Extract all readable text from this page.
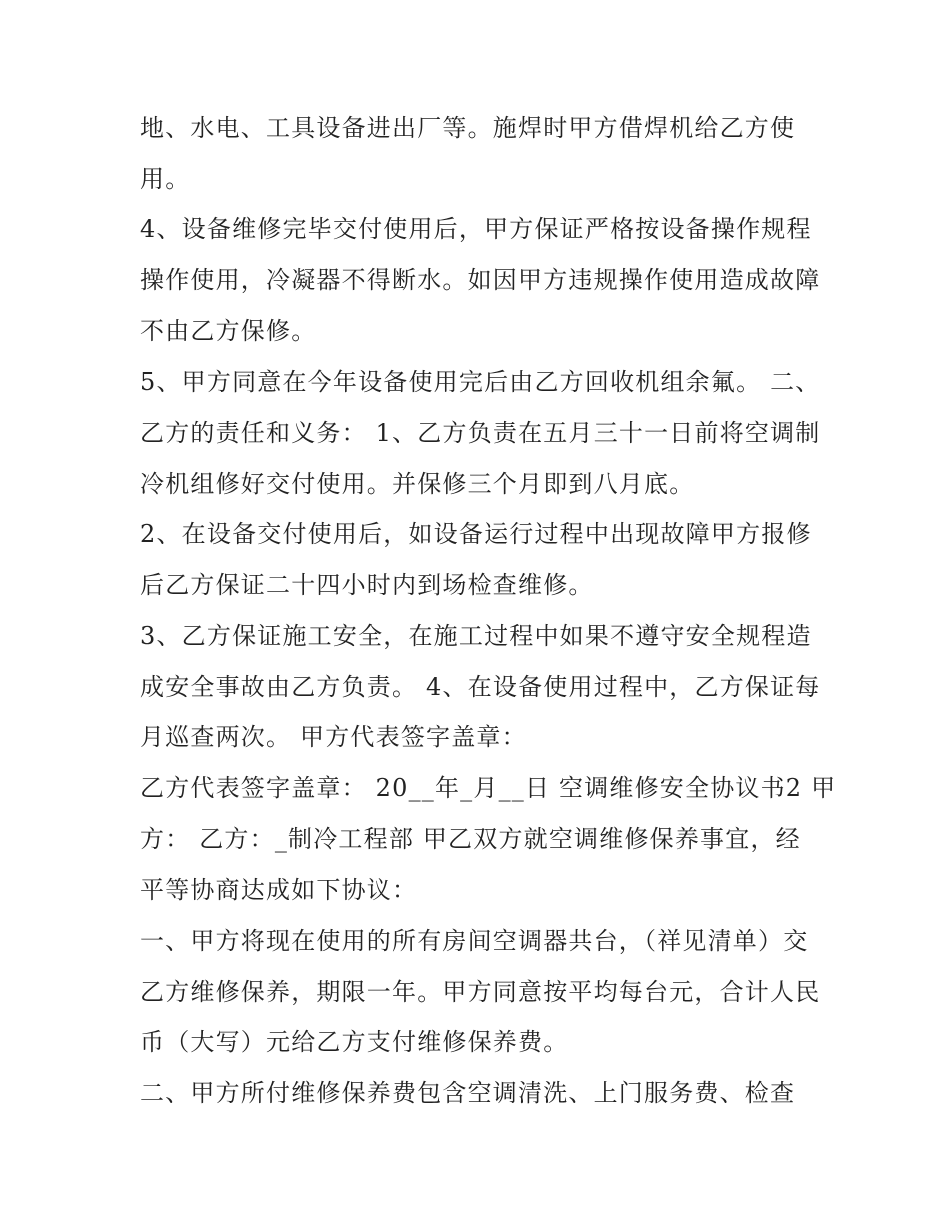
地、水电、工具设备进出厂等。施焊时甲方借焊机给乙方使
用。
4、设备维修完毕交付使用后，甲方保证严格按设备操作规程
操作使用，冷凝器不得断水。如因甲方违规操作使用造成故障
不由乙方保修。
5、甲方同意在今年设备使用完后由乙方回收机组余氟。 二、
乙方的责任和义务： 1、乙方负责在五月三十一日前将空调制
冷机组修好交付使用。并保修三个月即到八月底。
2、在设备交付使用后，如设备运行过程中出现故障甲方报修
后乙方保证二十四小时内到场检查维修。
3、乙方保证施工安全，在施工过程中如果不遵守安全规程造
成安全事故由乙方负责。 4、在设备使用过程中，乙方保证每
月巡查两次。 甲方代表签字盖章：
乙方代表签字盖章： 20__年_月__日 空调维修安全协议书2 甲
方： 乙方：_制冷工程部 甲乙双方就空调维修保养事宜，经
平等协商达成如下协议：
一、甲方将现在使用的所有房间空调器共台，（祥见清单）交
乙方维修保养，期限一年。甲方同意按平均每台元，合计人民
币（大写）元给乙方支付维修保养费。
二、甲方所付维修保养费包含空调清洗、上门服务费、检查
